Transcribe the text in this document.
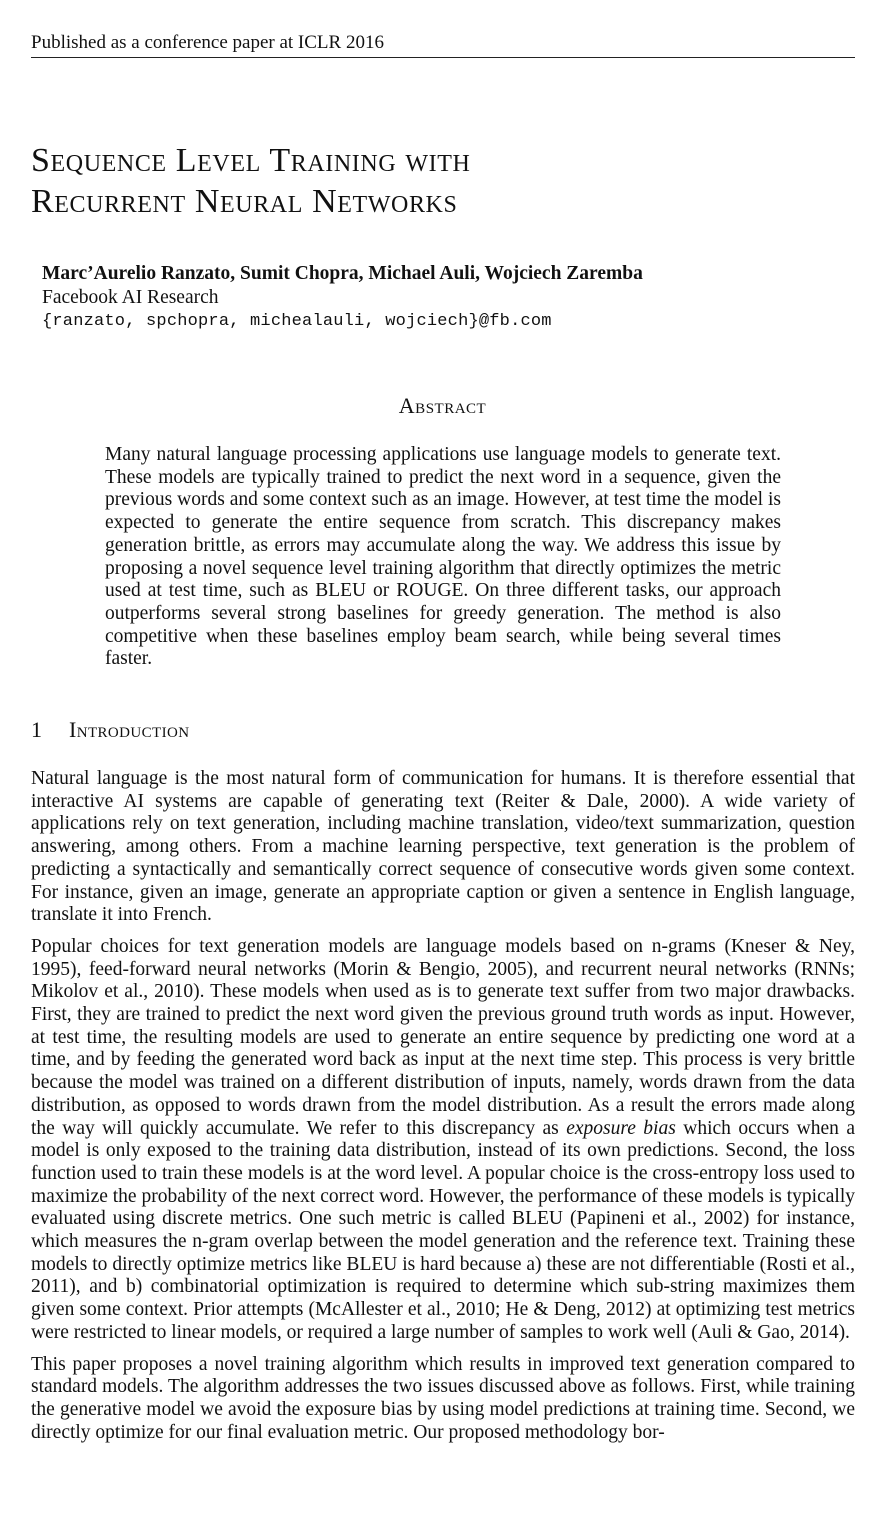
Published as a conference paper at ICLR 2016
Sequence Level Training with
Recurrent Neural Networks
Marc’Aurelio Ranzato, Sumit Chopra, Michael Auli, Wojciech Zaremba
Facebook AI Research
{ranzato, spchopra, michealauli, wojciech}@fb.com
Abstract

Many natural language processing applications use language models to generate text. These models are typically trained to predict the next word in a sequence, given the previous words and some context such as an image. However, at test time the model is expected to generate the entire sequence from scratch. This discrepancy makes generation brittle, as errors may accumulate along the way. We address this issue by proposing a novel sequence level training algorithm that directly optimizes the metric used at test time, such as BLEU or ROUGE. On three different tasks, our approach outperforms several strong baselines for greedy generation. The method is also competitive when these baselines employ beam search, while being several times faster.

1 Introduction

Natural language is the most natural form of communication for humans. It is therefore essential that interactive AI systems are capable of generating text (Reiter & Dale, 2000). A wide variety of applications rely on text generation, including machine translation, video/text summarization, question answering, among others. From a machine learning perspective, text generation is the problem of predicting a syntactically and semantically correct sequence of consecutive words given some context. For instance, given an image, generate an appropriate caption or given a sentence in English language, translate it into French.

Popular choices for text generation models are language models based on n-grams (Kneser & Ney, 1995), feed-forward neural networks (Morin & Bengio, 2005), and recurrent neural networks (RNNs; Mikolov et al., 2010). These models when used as is to generate text suffer from two major drawbacks. First, they are trained to predict the next word given the previous ground truth words as input. However, at test time, the resulting models are used to generate an entire sequence by predicting one word at a time, and by feeding the generated word back as input at the next time step. This process is very brittle because the model was trained on a different distribution of inputs, namely, words drawn from the data distribution, as opposed to words drawn from the model distribution. As a result the errors made along the way will quickly accumulate. We refer to this discrepancy as exposure bias which occurs when a model is only exposed to the training data distribution, instead of its own predictions. Second, the loss function used to train these models is at the word level. A popular choice is the cross-entropy loss used to maximize the probability of the next correct word. However, the performance of these models is typically evaluated using discrete metrics. One such metric is called BLEU (Papineni et al., 2002) for instance, which measures the n-gram overlap between the model generation and the reference text. Training these models to directly optimize metrics like BLEU is hard because a) these are not differentiable (Rosti et al., 2011), and b) combinatorial optimization is required to determine which sub-string maximizes them given some context. Prior attempts (McAllester et al., 2010; He & Deng, 2012) at optimizing test metrics were restricted to linear models, or required a large number of samples to work well (Auli & Gao, 2014).

This paper proposes a novel training algorithm which results in improved text generation compared to standard models. The algorithm addresses the two issues discussed above as follows. First, while training the generative model we avoid the exposure bias by using model predictions at training time. Second, we directly optimize for our final evaluation metric. Our proposed methodology bor-
